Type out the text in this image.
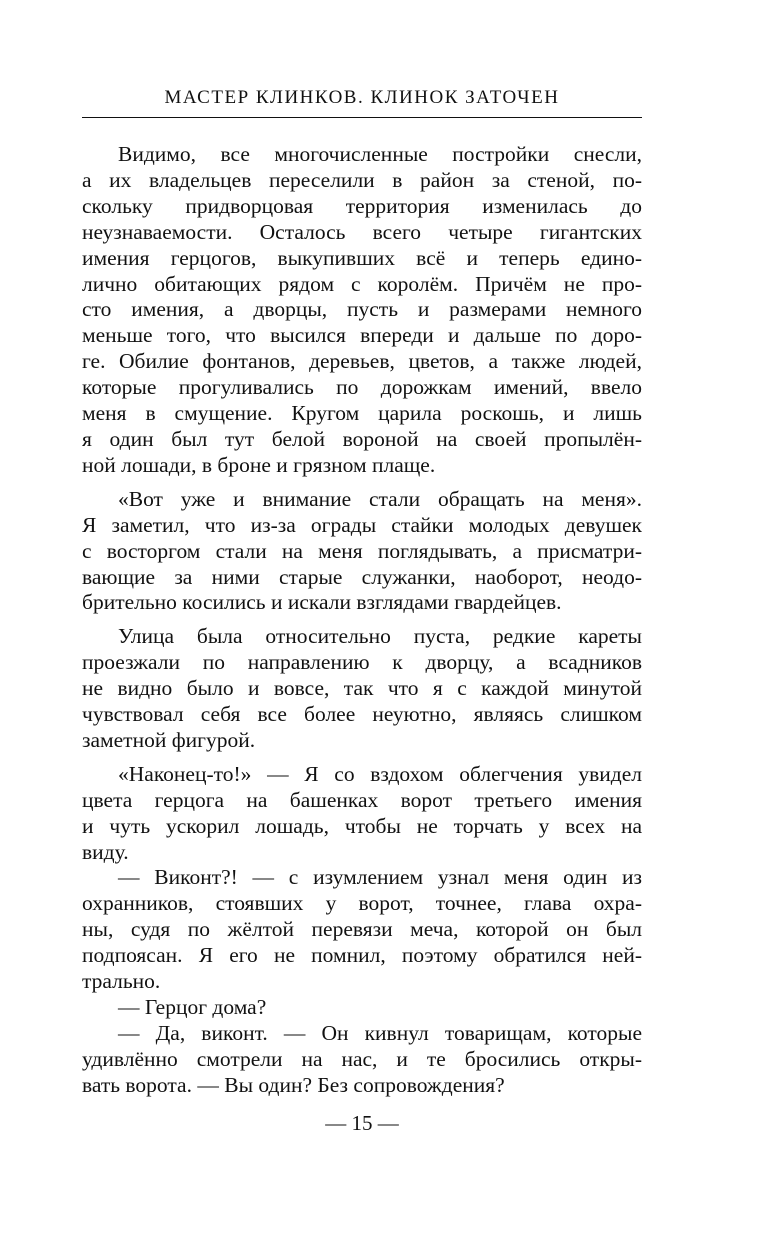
МАСТЕР КЛИНКОВ. КЛИНОК ЗАТОЧЕН
Видимо, все многочисленные постройки снесли,
а их владельцев переселили в район за стеной, по-
скольку придворцовая территория изменилась до
неузнаваемости. Осталось всего четыре гигантских
имения герцогов, выкупивших всё и теперь едино-
лично обитающих рядом с королём. Причём не про-
сто имения, а дворцы, пусть и размерами немного
меньше того, что высился впереди и дальше по доро-
ге. Обилие фонтанов, деревьев, цветов, а также людей,
которые прогуливались по дорожкам имений, ввело
меня в смущение. Кругом царила роскошь, и лишь
я один был тут белой вороной на своей пропылён-
ной лошади, в броне и грязном плаще.
«Вот уже и внимание стали обращать на меня».
Я заметил, что из-за ограды стайки молодых девушек
с восторгом стали на меня поглядывать, а присматри-
вающие за ними старые служанки, наоборот, неодо-
брительно косились и искали взглядами гвардейцев.
Улица была относительно пуста, редкие кареты
проезжали по направлению к дворцу, а всадников
не видно было и вовсе, так что я с каждой минутой
чувствовал себя все более неуютно, являясь слишком
заметной фигурой.
«Наконец-то!» — Я со вздохом облегчения увидел
цвета герцога на башенках ворот третьего имения
и чуть ускорил лошадь, чтобы не торчать у всех на
виду.
— Виконт?! — с изумлением узнал меня один из
охранников, стоявших у ворот, точнее, глава охра-
ны, судя по жёлтой перевязи меча, которой он был
подпоясан. Я его не помнил, поэтому обратился ней-
трально.
— Герцог дома?
— Да, виконт. — Он кивнул товарищам, которые
удивлённо смотрели на нас, и те бросились откры-
вать ворота. — Вы один? Без сопровождения?
— 15 —
